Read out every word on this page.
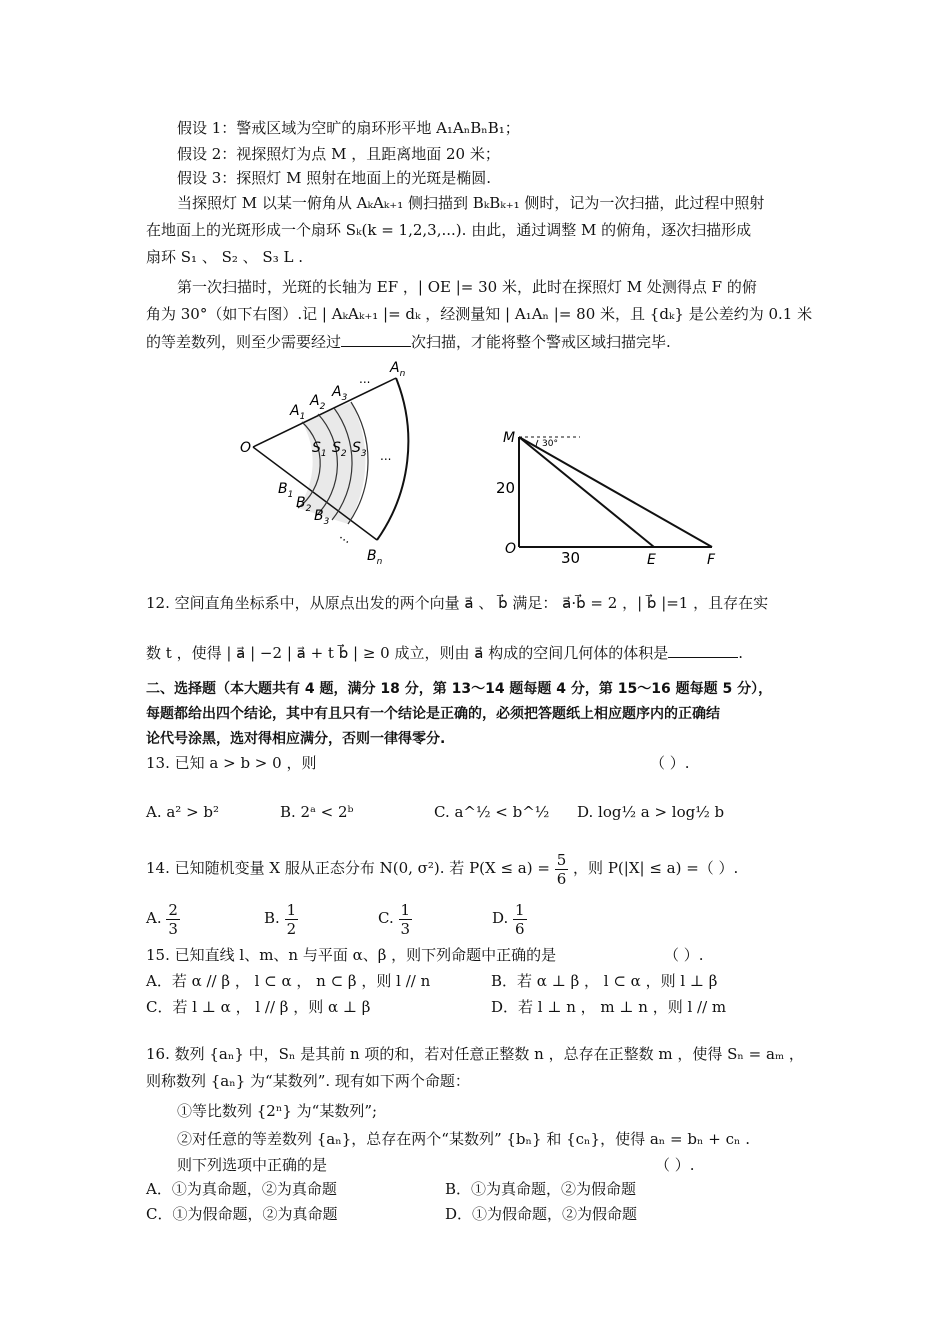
假设 1：警戒区域为空旷的扇环形平地 A₁AₙBₙB₁；
假设 2：视探照灯为点 M ，且距离地面 20 米；
假设 3：探照灯 M 照射在地面上的光斑是椭圆.
当探照灯 M 以某一俯角从 AₖAₖ₊₁ 侧扫描到 BₖBₖ₊₁ 侧时，记为一次扫描，此过程中照射
在地面上的光斑形成一个扇环 Sₖ(k = 1,2,3,...). 由此，通过调整 M 的俯角，逐次扫描形成
扇环 S₁ 、 S₂ 、 S₃ L .
第一次扫描时，光斑的长轴为 EF ，| OE |= 30 米，此时在探照灯 M 处测得点 F 的俯
角为 30°（如下右图）.记 | AₖAₖ₊₁ |= dₖ ，经测量知 | A₁Aₙ |= 80 米，且 {dₖ} 是公差约为 0.1 米
的等差数列，则至少需要经过	次扫描，才能将整个警戒区域扫描完毕.
O
$A_1$
$A_2$
$A_3$
...
$A_n$
$S_1$ $S_2$ $S_3$ ...
$B_1$ $B_2$ $B_3$
...
$B_n$
M	30°
20
O	30	E	F
12. 空间直角坐标系中，从原点出发的两个向量 a⃗ 、 b⃗ 满足： a⃗·b⃗ = 2 ，| b⃗ |=1 ，且存在实
数 t ，使得 | a⃗ | −2 | a⃗ + t b⃗ | ≥ 0 成立，则由 a⃗ 构成的空间几何体的体积是	.
二、选择题（本大题共有 4 题，满分 18 分，第 13～14 题每题 4 分，第 15～16 题每题 5 分），
每题都给出四个结论，其中有且只有一个结论是正确的，必须把答题纸上相应题序内的正确结
论代号涂黑，选对得相应满分，否则一律得零分.
13. 已知 a > b > 0 ，则	（ ）.
A. a² > b²	B. 2ᵃ < 2ᵇ	C. a^½ < b^½ D. log½ a > log½ b
14. 已知随机变量 X 服从正态分布 N(0, σ²). 若 $P(X \le a) = \frac{5}{6}$ ，则 P(|X| ≤ a) =（ ）.
A. $\frac{2}{3}$	B. $\frac{1}{2}$	C. $\frac{1}{3}$	D. $\frac{1}{6}$
15. 已知直线 l、m、n 与平面 α、β ，则下列命题中正确的是	（ ）.
A．若 α // β ， l ⊂ α ， n ⊂ β ，则 l // n	B．若 α ⊥ β ， l ⊂ α ，则 l ⊥ β
C．若 l ⊥ α ， l // β ，则 α ⊥ β	D．若 l ⊥ n ， m ⊥ n ，则 l // m
16. 数列 {aₙ} 中，Sₙ 是其前 n 项的和，若对任意正整数 n ，总存在正整数 m ，使得 Sₙ = aₘ ，
则称数列 {aₙ} 为“某数列”. 现有如下两个命题：
①等比数列 {2ⁿ} 为“某数列”;
②对任意的等差数列 {aₙ}，总存在两个“某数列” {bₙ} 和 {cₙ}，使得 aₙ = bₙ + cₙ .
则下列选项中正确的是	（ ）.
A．①为真命题，②为真命题	B．①为真命题，②为假命题
C．①为假命题，②为真命题	D．①为假命题，②为假命题
